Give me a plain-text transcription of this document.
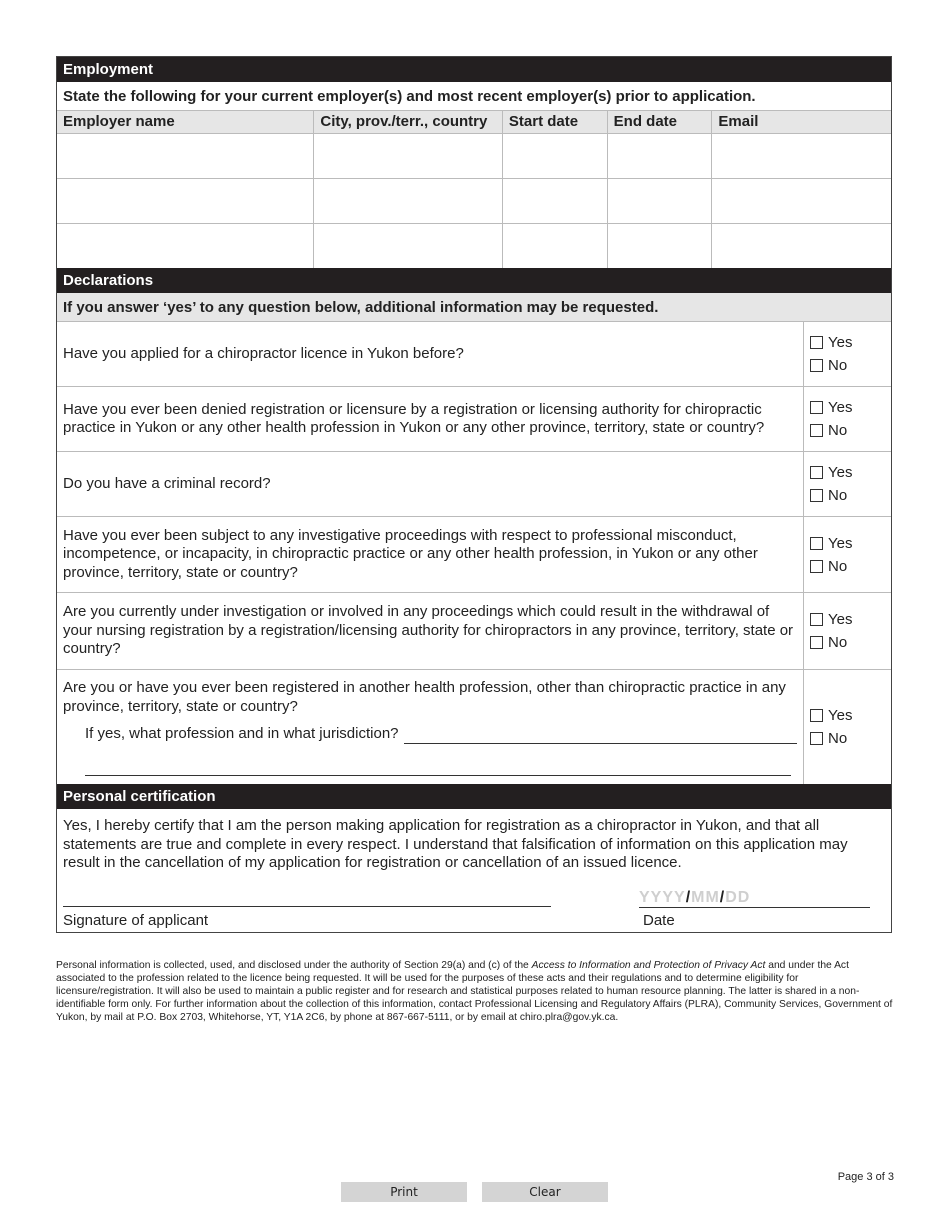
Employment
State the following for your current employer(s) and most recent employer(s) prior to application.
Employer name	City, prov./terr., country	Start date	End date	Email
Declarations
If you answer ‘yes’ to any question below, additional information may be requested.
Have you applied for a chiropractor licence in Yukon before?
Yes
No
Have you ever been denied registration or licensure by a registration or licensing authority for chiropractic practice in Yukon or any other health profession in Yukon or any other province, territory, state or country?
Yes
No
Do you have a criminal record?
Yes
No
Have you ever been subject to any investigative proceedings with respect to professional misconduct, incompetence, or incapacity, in chiropractic practice or any other health profession, in Yukon or any other province, territory, state or country?
Yes
No
Are you currently under investigation or involved in any proceedings which could result in the withdrawal of your nursing registration by a registration/licensing authority for chiropractors in any province, territory, state or country?
Yes
No
Are you or have you ever been registered in another health profession, other than chiropractic practice in any province, territory, state or country?
If yes, what profession and in what jurisdiction?
Yes
No
Personal certification
Yes, I hereby certify that I am the person making application for registration as a chiropractor in Yukon, and that all statements are true and complete in every respect. I understand that falsification of information on this application may result in the cancellation of my application for registration or cancellation of an issued licence.
Signature of applicant
YYYY/MM/DD
Date
Personal information is collected, used, and disclosed under the authority of Section 29(a) and (c) of the Access to Information and Protection of Privacy Act and under the Act associated to the profession related to the licence being requested. It will be used for the purposes of these acts and their regulations and to determine eligibility for licensure/registration. It will also be used to maintain a public register and for research and statistical purposes related to human resource planning. The latter is shared in a non-identifiable form only. For further information about the collection of this information, contact Professional Licensing and Regulatory Affairs (PLRA), Community Services, Government of Yukon, by mail at P.O. Box 2703, Whitehorse, YT, Y1A 2C6, by phone at 867-667-5111, or by email at chiro.plra@gov.yk.ca.
Page 3 of 3
Print	Clear
